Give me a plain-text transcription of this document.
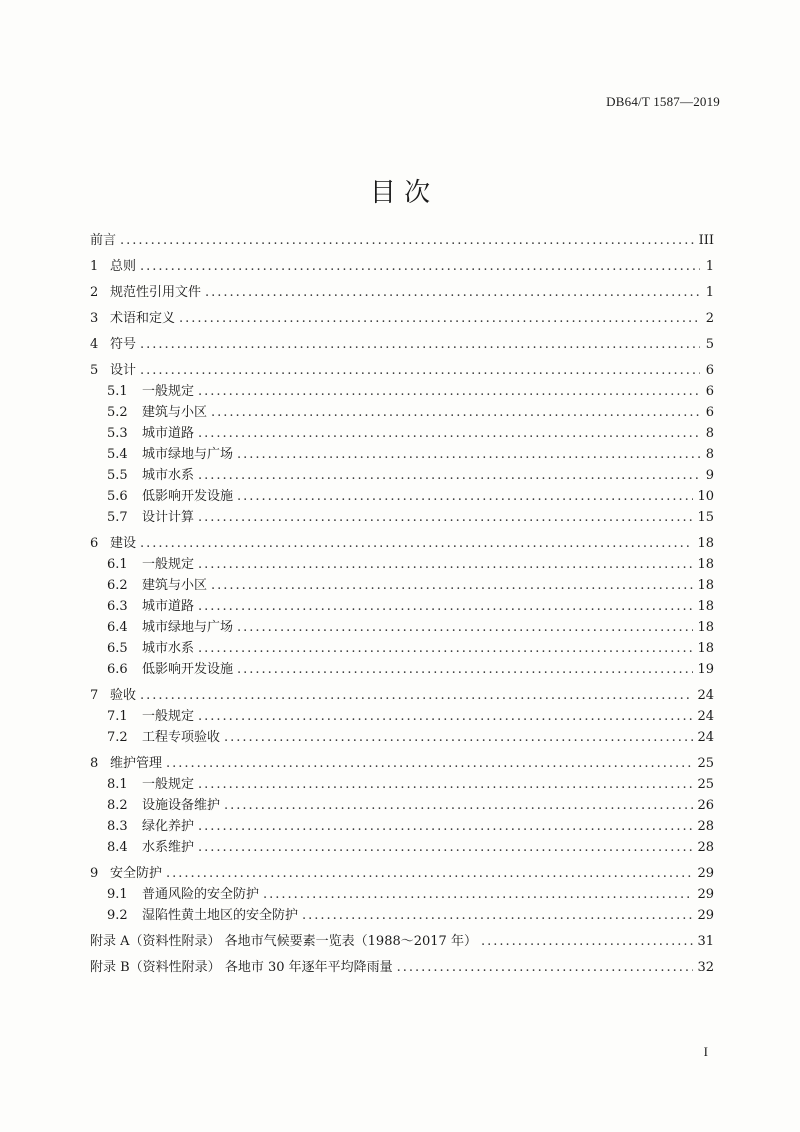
DB64/T 1587—2019
目 次
前言 .....	III
1 总则 .....	1
2 规范性引用文件 .....	1
3 术语和定义 .....	2
4 符号 .....	5
5 设计 .....	6
5.1	一般规定 .....	6
5.2	建筑与小区 .....	6
5.3	城市道路 .....	8
5.4	城市绿地与广场 .....	8
5.5	城市水系 .....	9
5.6	低影响开发设施 .....	10
5.7	设计计算 .....	15
6 建设 .....	18
6.1	一般规定 .....	18
6.2	建筑与小区 .....	18
6.3	城市道路 .....	18
6.4	城市绿地与广场 .....	18
6.5	城市水系 .....	18
6.6	低影响开发设施 .....	19
7 验收 .....	24
7.1	一般规定 .....	24
7.2	工程专项验收 .....	24
8 维护管理 .....	25
8.1	一般规定 .....	25
8.2	设施设备维护 .....	26
8.3	绿化养护 .....	28
8.4	水系维护 .....	28
9 安全防护 .....	29
9.1	普通风险的安全防护 .....	29
9.2	湿陷性黄土地区的安全防护 .....	29
附录 A（资料性附录） 各地市气候要素一览表（1988～2017 年） .....	31
附录 B（资料性附录） 各地市 30 年逐年平均降雨量 .....	32
I
